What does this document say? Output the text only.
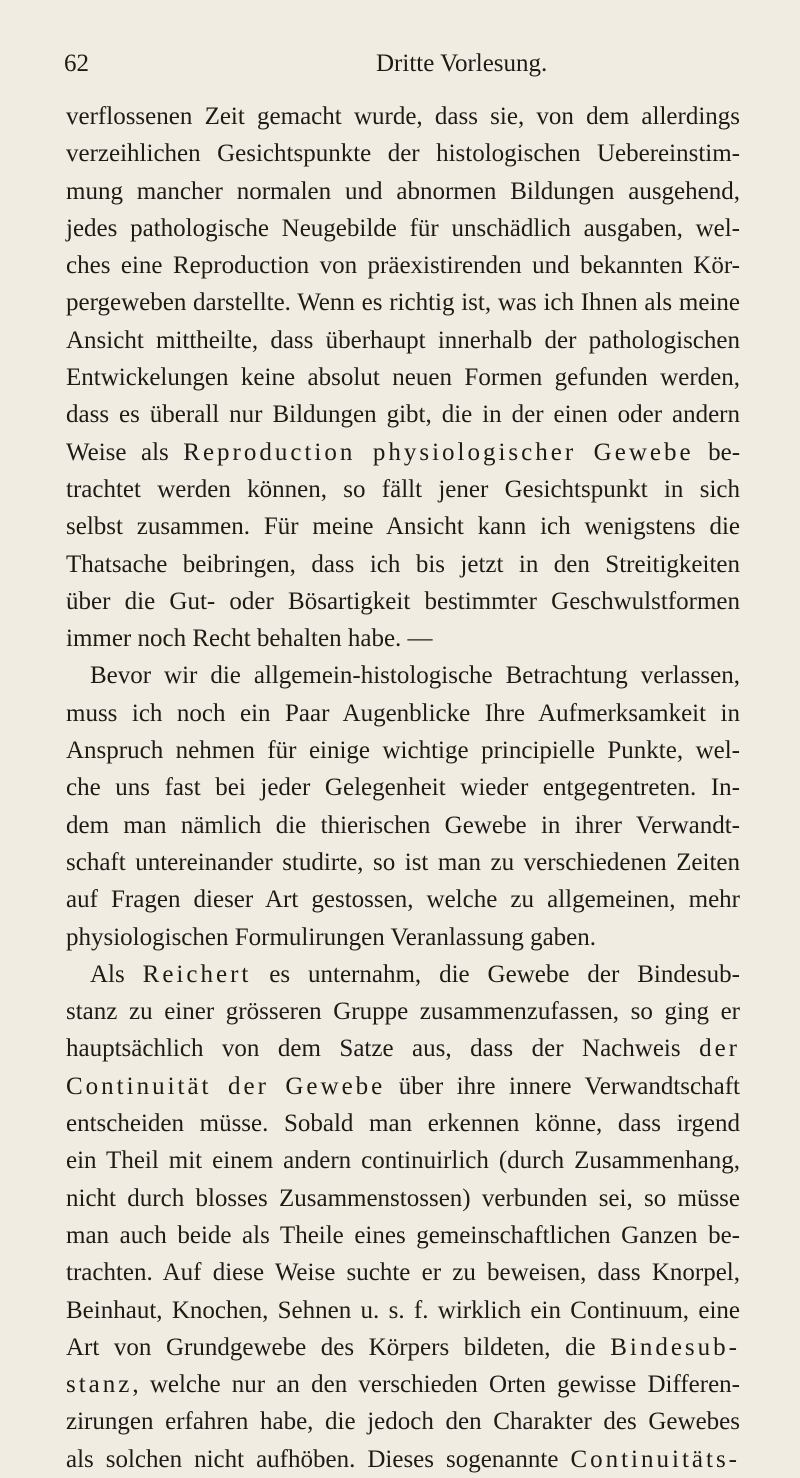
62	Dritte Vorlesung.
verflossenen Zeit gemacht wurde, dass sie, von dem allerdings
verzeihlichen Gesichtspunkte der histologischen Uebereinstim-
mung mancher normalen und abnormen Bildungen ausgehend,
jedes pathologische Neugebilde für unschädlich ausgaben, wel-
ches eine Reproduction von präexistirenden und bekannten Kör-
pergeweben darstellte. Wenn es richtig ist, was ich Ihnen als meine
Ansicht mittheilte, dass überhaupt innerhalb der pathologischen
Entwickelungen keine absolut neuen Formen gefunden werden,
dass es überall nur Bildungen gibt, die in der einen oder andern
Weise als Reproduction physiologischer Gewebe be-
trachtet werden können, so fällt jener Gesichtspunkt in sich
selbst zusammen. Für meine Ansicht kann ich wenigstens die
Thatsache beibringen, dass ich bis jetzt in den Streitigkeiten
über die Gut- oder Bösartigkeit bestimmter Geschwulstformen
immer noch Recht behalten habe. —
Bevor wir die allgemein-histologische Betrachtung verlassen,
muss ich noch ein Paar Augenblicke Ihre Aufmerksamkeit in
Anspruch nehmen für einige wichtige principielle Punkte, wel-
che uns fast bei jeder Gelegenheit wieder entgegentreten. In-
dem man nämlich die thierischen Gewebe in ihrer Verwandt-
schaft untereinander studirte, so ist man zu verschiedenen Zeiten
auf Fragen dieser Art gestossen, welche zu allgemeinen, mehr
physiologischen Formulirungen Veranlassung gaben.
Als Reichert es unternahm, die Gewebe der Bindesub-
stanz zu einer grösseren Gruppe zusammenzufassen, so ging er
hauptsächlich von dem Satze aus, dass der Nachweis der
Continuität der Gewebe über ihre innere Verwandtschaft
entscheiden müsse. Sobald man erkennen könne, dass irgend
ein Theil mit einem andern continuirlich (durch Zusammenhang,
nicht durch blosses Zusammenstossen) verbunden sei, so müsse
man auch beide als Theile eines gemeinschaftlichen Ganzen be-
trachten. Auf diese Weise suchte er zu beweisen, dass Knorpel,
Beinhaut, Knochen, Sehnen u. s. f. wirklich ein Continuum, eine
Art von Grundgewebe des Körpers bildeten, die Bindesub-
stanz, welche nur an den verschieden Orten gewisse Differen-
zirungen erfahren habe, die jedoch den Charakter des Gewebes
als solchen nicht aufhöben. Dieses sogenannte Continuitäts-
